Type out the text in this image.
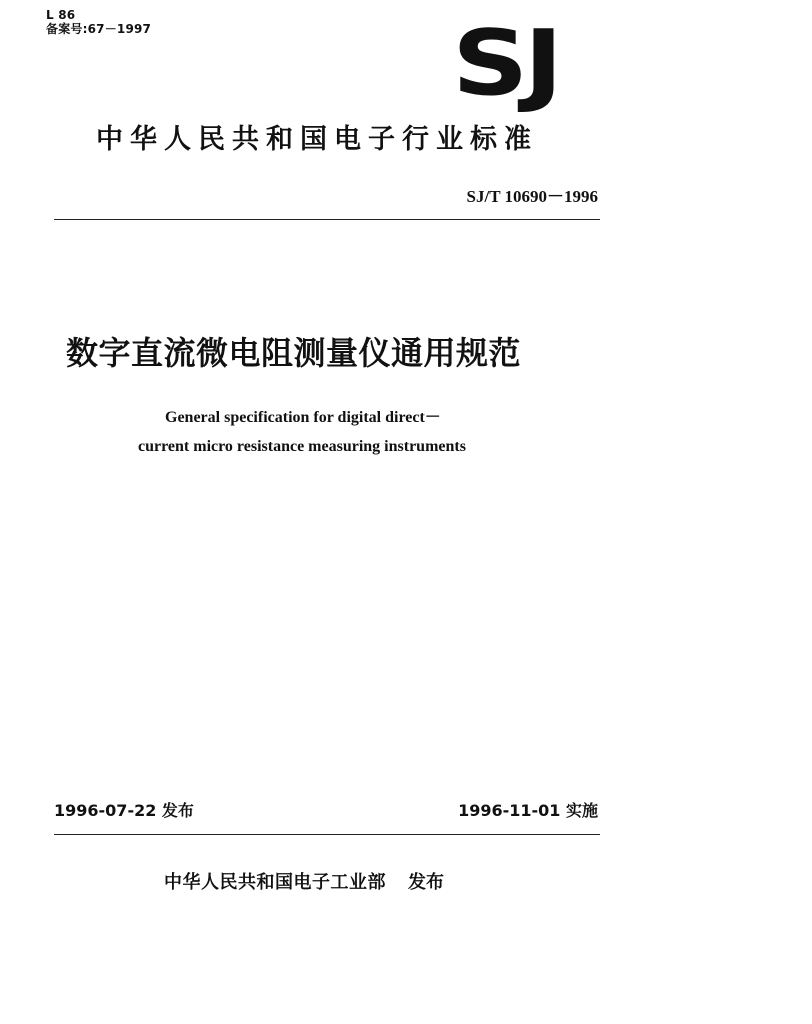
L 86
备案号:67－1997	SJ
中华人民共和国电子行业标准
SJ/T 10690－1996
数字直流微电阻测量仪通用规范
General specification for digital direct－
current micro resistance measuring instruments
1996-07-22 发布	1996-11-01 实施
中华人民共和国电子工业部 发布
